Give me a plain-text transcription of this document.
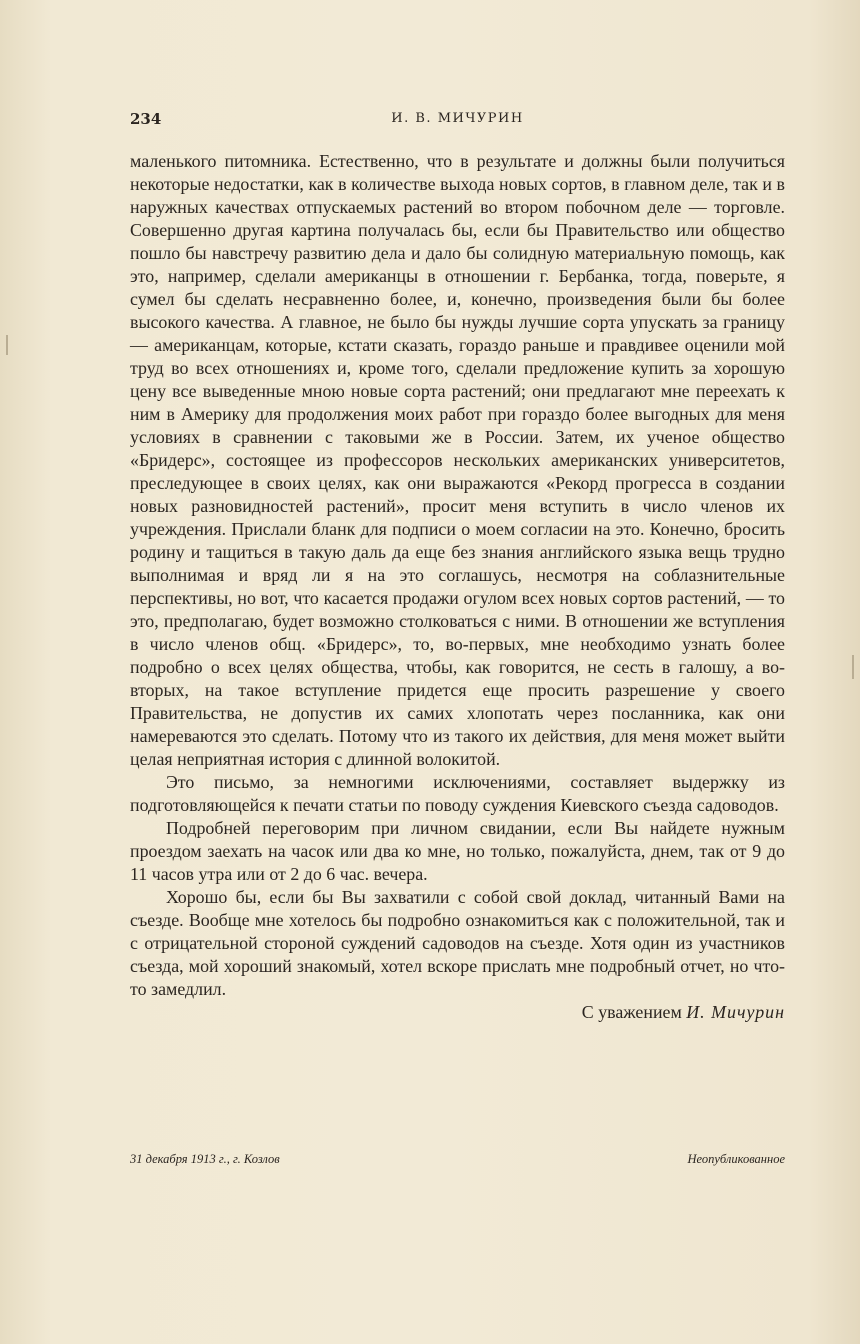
234	И. В. МИЧУРИН

маленького питомника. Естественно, что в результате и должны были получиться некоторые недостатки, как в количестве выхода новых сортов, в главном деле, так и в наружных качествах отпускаемых растений во втором побочном деле — торговле. Совершенно другая картина получалась бы, если бы Правительство или общество пошло бы навстречу развитию дела и дало бы солидную материальную помощь, как это, например, сделали американцы в отношении г. Бербанка, тогда, поверьте, я сумел бы сделать несравненно более, и, конечно, произведения были бы более высокого качества. А главное, не было бы нужды лучшие сорта упускать за границу — американцам, которые, кстати сказать, гораздо раньше и правдивее оценили мой труд во всех отношениях и, кроме того, сделали предложение купить за хорошую цену все выведенные мною новые сорта растений; они предлагают мне переехать к ним в Америку для продолжения моих работ при гораздо более выгодных для меня условиях в сравнении с таковыми же в России. Затем, их ученое общество «Бридерс», состоящее из профессоров нескольких американских университетов, преследующее в своих целях, как они выражаются «Рекорд прогресса в создании новых разновидностей растений», просит меня вступить в число членов их учреждения. Прислали бланк для подписи о моем согласии на это. Конечно, бросить родину и тащиться в такую даль да еще без знания английского языка вещь трудно выполнимая и вряд ли я на это соглашусь, несмотря на соблазнительные перспективы, но вот, что касается продажи огулом всех новых сортов растений, — то это, предполагаю, будет возможно столковаться с ними. В отношении же вступления в число членов общ. «Бридерс», то, во-первых, мне необходимо узнать более подробно о всех целях общества, чтобы, как говорится, не сесть в галошу, а во-вторых, на такое вступление придется еще просить разрешение у своего Правительства, не допустив их самих хлопотать через посланника, как они намереваются это сделать. Потому что из такого их действия, для меня может выйти целая неприятная история с длинной волокитой.

Это письмо, за немногими исключениями, составляет выдержку из подготовляющейся к печати статьи по поводу суждения Киевского съезда садоводов.

Подробней переговорим при личном свидании, если Вы найдете нужным проездом заехать на часок или два ко мне, но только, пожалуйста, днем, так от 9 до 11 часов утра или от 2 до 6 час. вечера.

Хорошо бы, если бы Вы захватили с собой свой доклад, читанный Вами на съезде. Вообще мне хотелось бы подробно ознакомиться как с положительной, так и с отрицательной стороной суждений садоводов на съезде. Хотя один из участников съезда, мой хороший знакомый, хотел вскоре прислать мне подробный отчет, но что-то замедлил.

С уважением И. Мичурин
31 декабря 1913 г., г. Козлов	Неопубликованное
